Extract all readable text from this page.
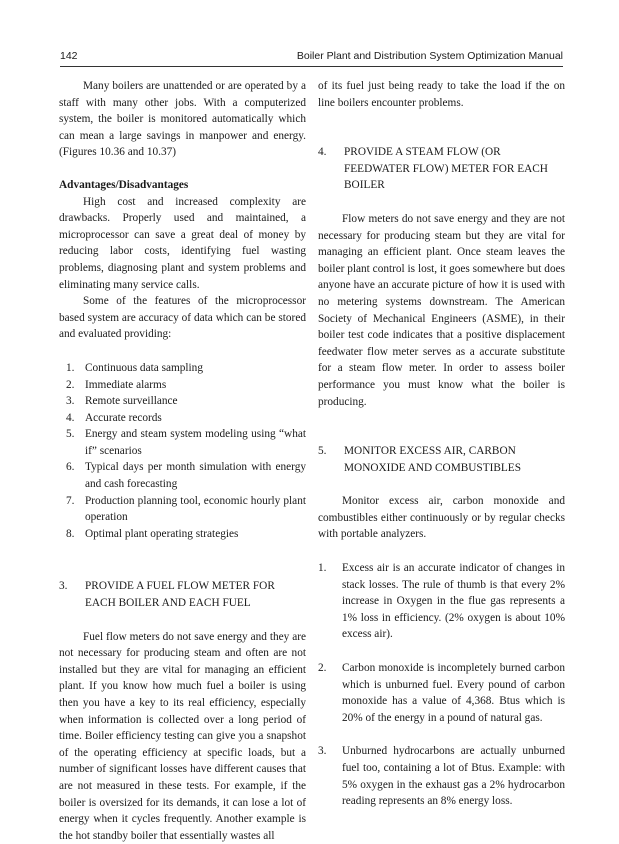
142	Boiler Plant and Distribution System Optimization Manual

Many boilers are unattended or are operated by a staff with many other jobs. With a computerized system, the boiler is monitored automatically which can mean a large savings in manpower and energy. (Figures 10.36 and 10.37)

Advantages/Disadvantages

High cost and increased complexity are drawbacks. Properly used and maintained, a microprocessor can save a great deal of money by reducing labor costs, identifying fuel wasting problems, diagnosing plant and system problems and eliminating many service calls.

Some of the features of the microprocessor based system are accuracy of data which can be stored and evaluated providing:

1. Continuous data sampling
2. Immediate alarms
3. Remote surveillance
4. Accurate records
5. Energy and steam system modeling using “what if” scenarios
6. Typical days per month simulation with energy and cash forecasting
7. Production planning tool, economic hourly plant operation
8. Optimal plant operating strategies
3. PROVIDE A FUEL FLOW METER FOR EACH BOILER AND EACH FUEL

Fuel flow meters do not save energy and they are not necessary for producing steam and often are not installed but they are vital for managing an efficient plant. If you know how much fuel a boiler is using then you have a key to its real efficiency, especially when information is collected over a long period of time. Boiler efficiency testing can give you a snapshot of the operating efficiency at specific loads, but a number of significant losses have different causes that are not measured in these tests. For example, if the boiler is oversized for its demands, it can lose a lot of energy when it cycles frequently. Another example is the hot standby boiler that essentially wastes all

of its fuel just being ready to take the load if the on line boilers encounter problems.

4. PROVIDE A STEAM FLOW (OR FEEDWATER FLOW) METER FOR EACH BOILER

Flow meters do not save energy and they are not necessary for producing steam but they are vital for managing an efficient plant. Once steam leaves the boiler plant control is lost, it goes somewhere but does anyone have an accurate picture of how it is used with no metering systems downstream. The American Society of Mechanical Engineers (ASME), in their boiler test code indicates that a positive displacement feedwater flow meter serves as a accurate substitute for a steam flow meter. In order to assess boiler performance you must know what the boiler is producing.

5. MONITOR EXCESS AIR, CARBON MONOXIDE AND COMBUSTIBLES

Monitor excess air, carbon monoxide and combustibles either continuously or by regular checks with portable analyzers.

1. Excess air is an accurate indicator of changes in stack losses. The rule of thumb is that every 2% increase in Oxygen in the flue gas represents a 1% loss in efficiency. (2% oxygen is about 10% excess air).
2. Carbon monoxide is incompletely burned carbon which is unburned fuel. Every pound of carbon monoxide has a value of 4,368. Btus which is 20% of the energy in a pound of natural gas.
3. Unburned hydrocarbons are actually unburned fuel too, containing a lot of Btus. Example: with 5% oxygen in the exhaust gas a 2% hydrocarbon reading represents an 8% energy loss.
